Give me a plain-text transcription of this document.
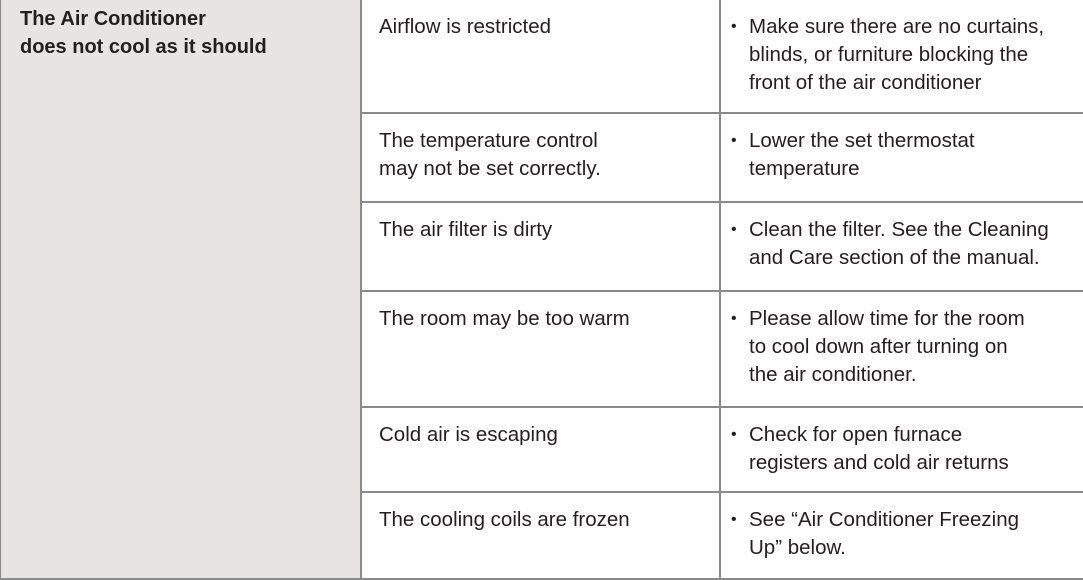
The Air Conditioner
does not cool as it should
Airflow is restricted	• Make sure there are no curtains,
blinds, or furniture blocking the
front of the air conditioner
The temperature control
may not be set correctly.
• Lower the set thermostat
temperature
The air filter is dirty	• Clean the filter. See the Cleaning
and Care section of the manual.
The room may be too warm	• Please allow time for the room
to cool down after turning on
the air conditioner.
Cold air is escaping	• Check for open furnace
registers and cold air returns
The cooling coils are frozen	• See “Air Conditioner Freezing
Up” below.
